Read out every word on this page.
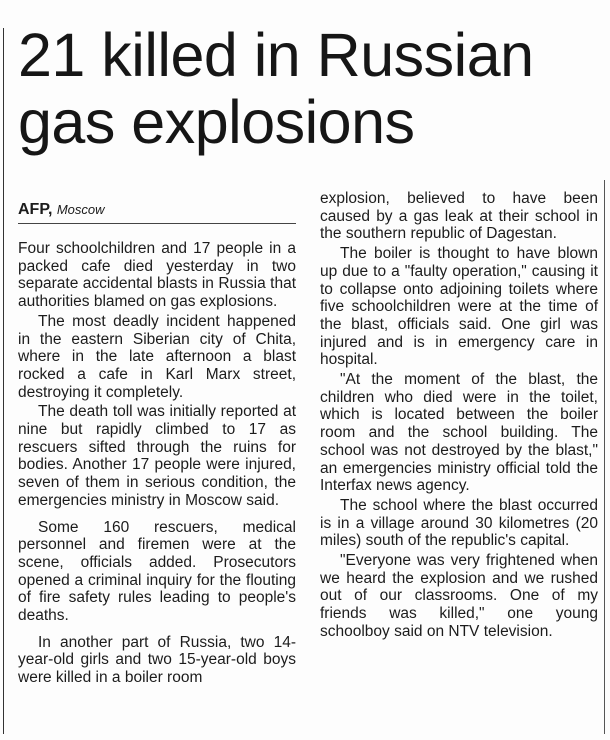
21 killed in Russian gas explosions
AFP, Moscow

Four schoolchildren and 17 people in a packed cafe died yesterday in two separate accidental blasts in Russia that authorities blamed on gas explosions.

The most deadly incident happened in the eastern Siberian city of Chita, where in the late afternoon a blast rocked a cafe in Karl Marx street, destroying it completely.

The death toll was initially reported at nine but rapidly climbed to 17 as rescuers sifted through the ruins for bodies. Another 17 people were injured, seven of them in serious condition, the emergencies ministry in Moscow said.

Some 160 rescuers, medical personnel and firemen were at the scene, officials added. Prosecutors opened a criminal inquiry for the flouting of fire safety rules leading to people's deaths.

In another part of Russia, two 14-year-old girls and two 15-year-old boys were killed in a boiler room

explosion, believed to have been caused by a gas leak at their school in the southern republic of Dagestan.

The boiler is thought to have blown up due to a "faulty operation," causing it to collapse onto adjoining toilets where five schoolchildren were at the time of the blast, officials said. One girl was injured and is in emergency care in hospital.

"At the moment of the blast, the children who died were in the toilet, which is located between the boiler room and the school building. The school was not destroyed by the blast," an emergencies ministry official told the Interfax news agency.

The school where the blast occurred is in a village around 30 kilometres (20 miles) south of the republic's capital.

"Everyone was very frightened when we heard the explosion and we rushed out of our classrooms. One of my friends was killed," one young schoolboy said on NTV television.
